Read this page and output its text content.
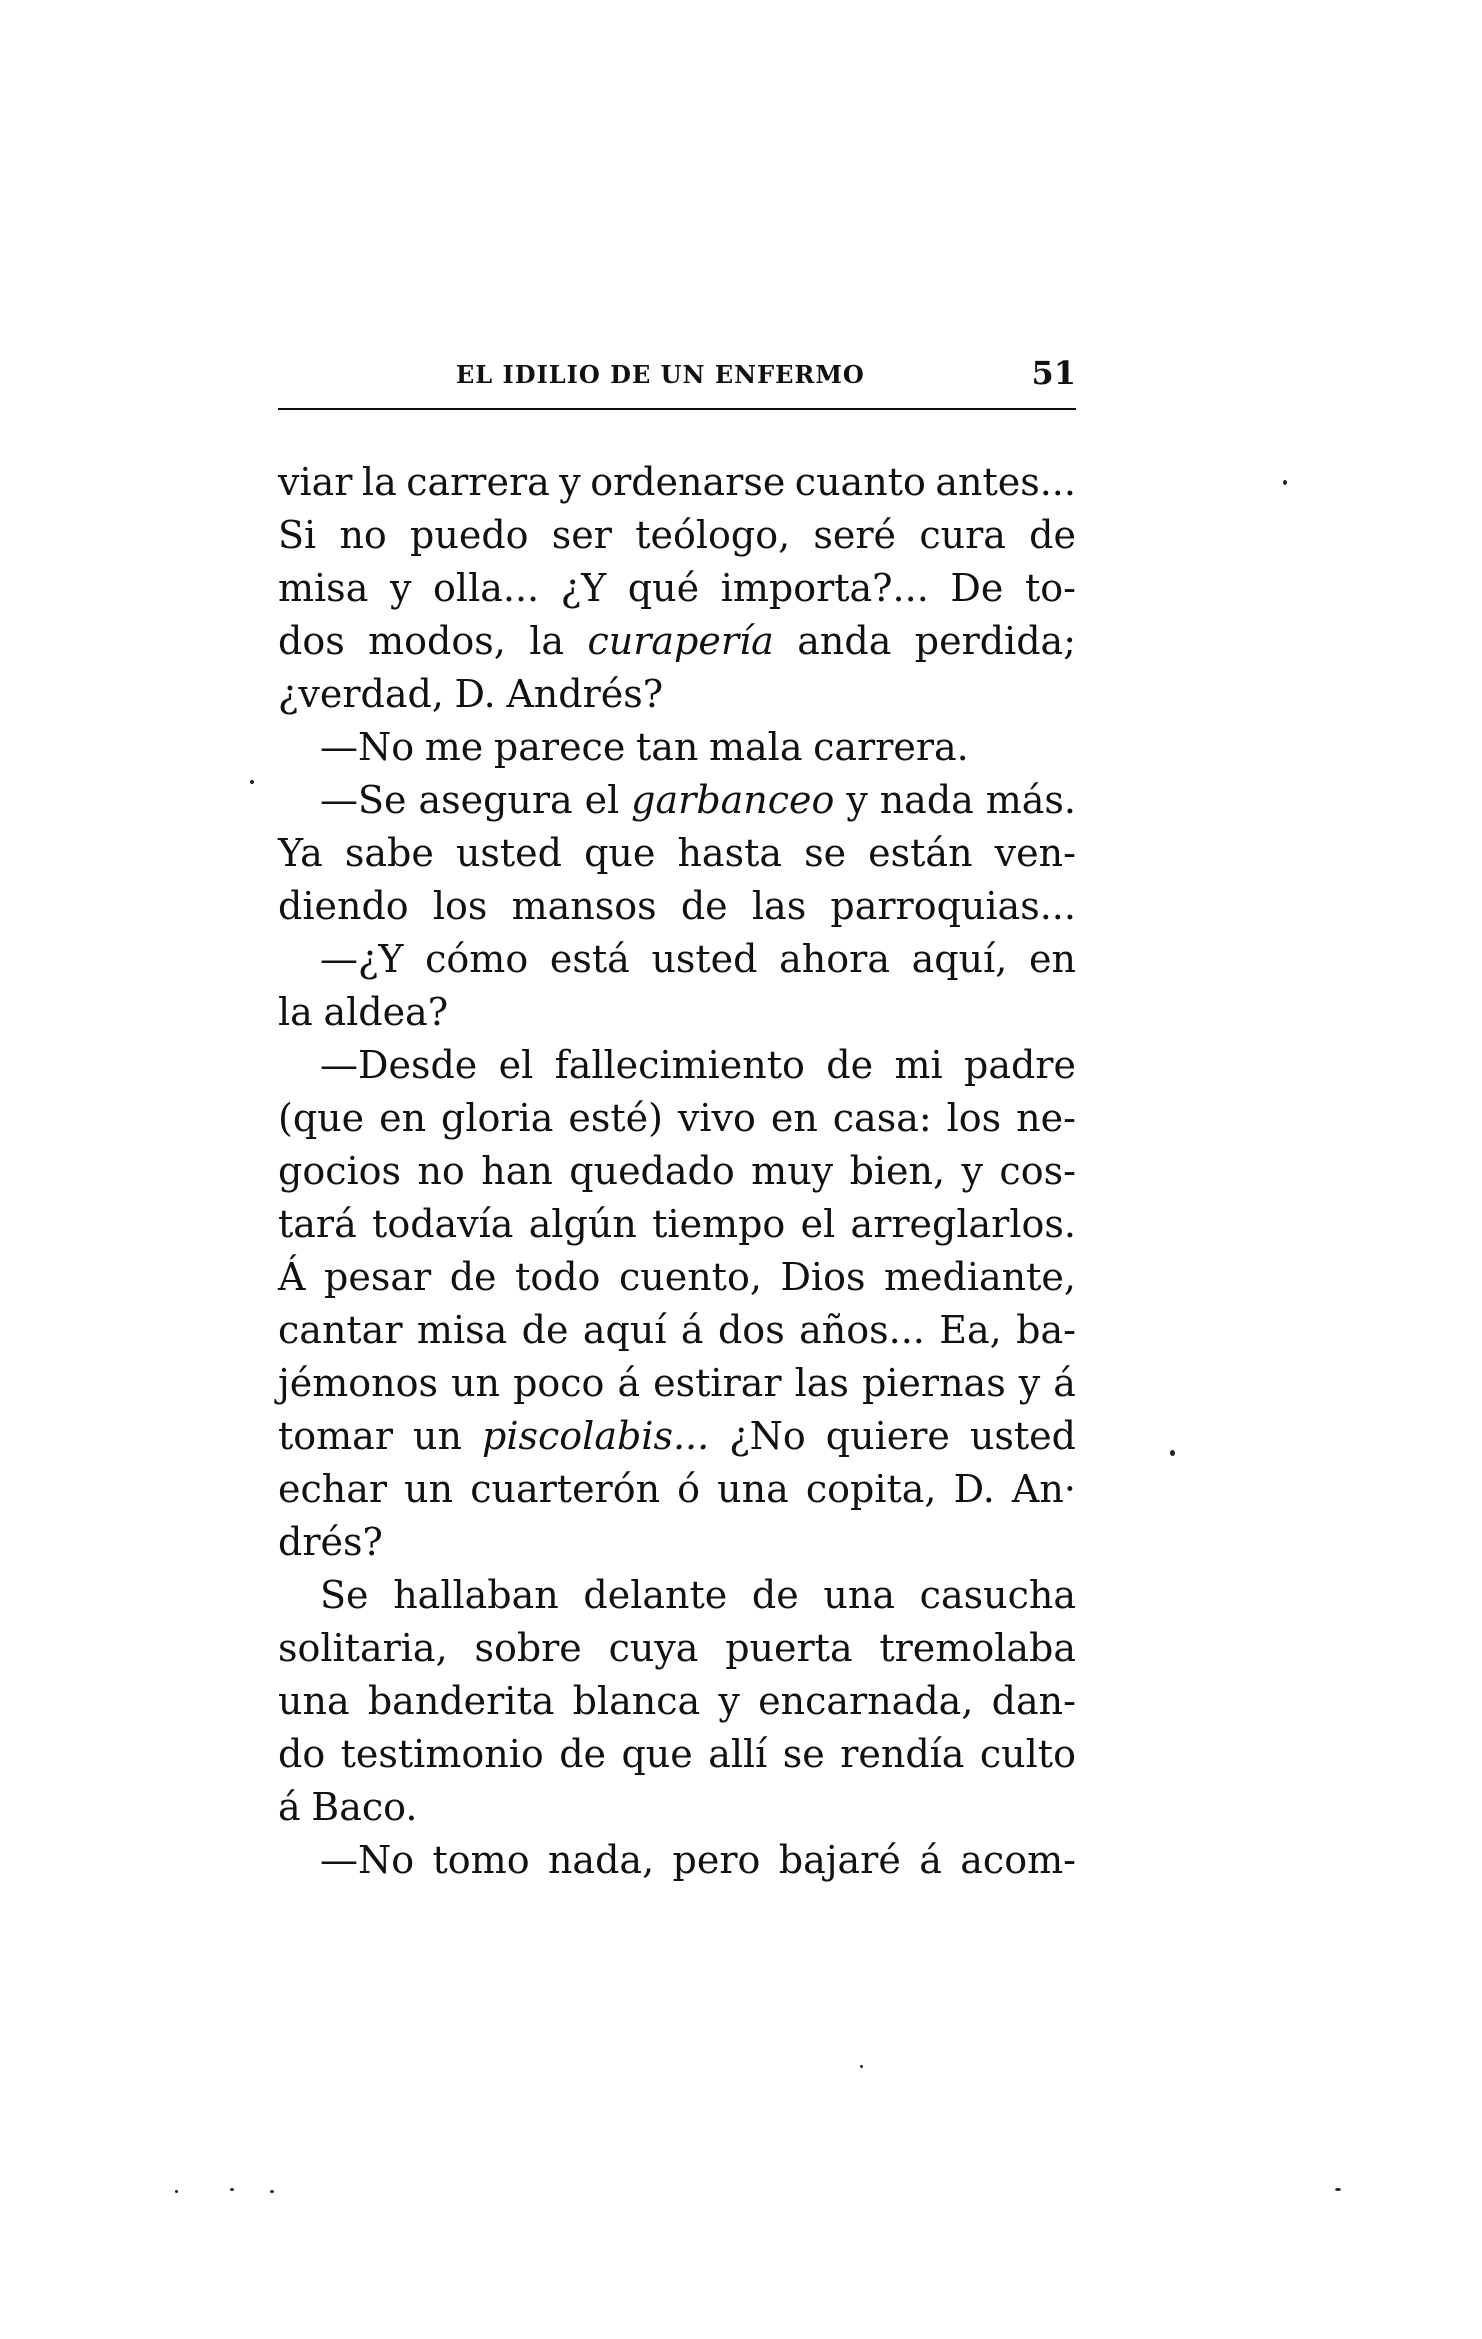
EL IDILIO DE UN ENFERMO	51
viar la carrera y ordenarse cuanto antes...
Si no puedo ser teólogo, seré cura de
misa y olla... ¿Y qué importa?... De to-
dos modos, la curapería anda perdida;
¿verdad, D. Andrés?
—No me parece tan mala carrera.
—Se asegura el garbanceo y nada más.
Ya sabe usted que hasta se están ven-
diendo los mansos de las parroquias...
—¿Y cómo está usted ahora aquí, en
la aldea?
—Desde el fallecimiento de mi padre
(que en gloria esté) vivo en casa: los ne-
gocios no han quedado muy bien, y cos-
tará todavía algún tiempo el arreglarlos.
Á pesar de todo cuento, Dios mediante,
cantar misa de aquí á dos años... Ea, ba-
jémonos un poco á estirar las piernas y á
tomar un piscolabis... ¿No quiere usted
echar un cuarterón ó una copita, D. An·
drés?
Se hallaban delante de una casucha
solitaria, sobre cuya puerta tremolaba
una banderita blanca y encarnada, dan-
do testimonio de que allí se rendía culto
á Baco.
—No tomo nada, pero bajaré á acom-
